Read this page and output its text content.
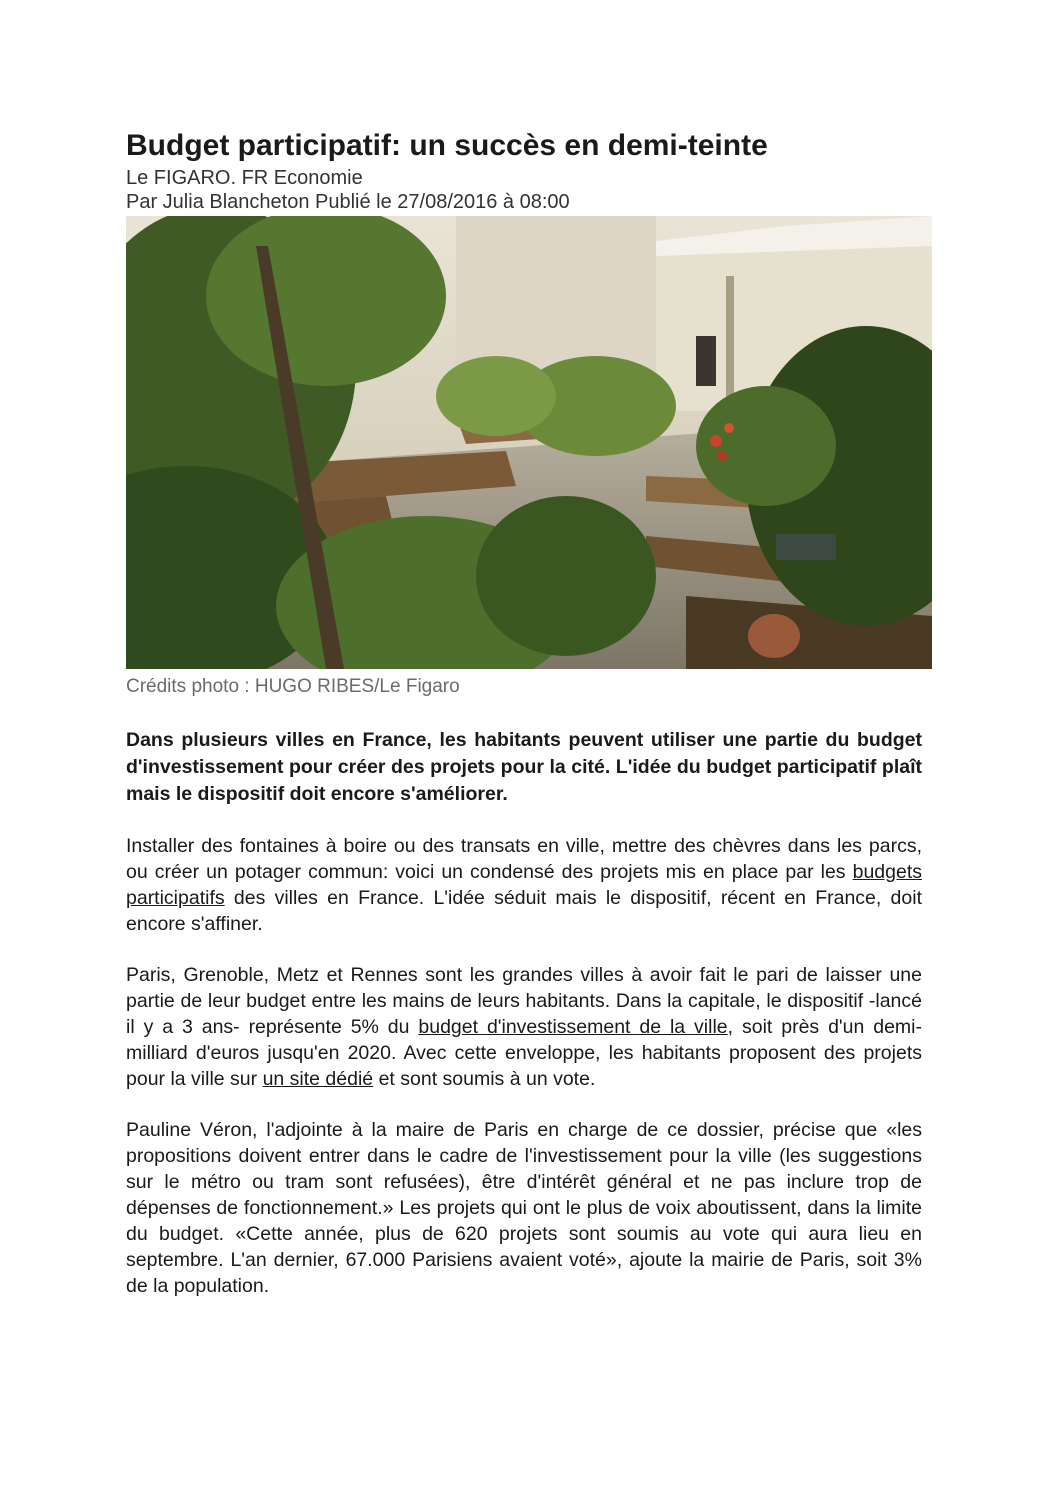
Budget participatif: un succès en demi-teinte
Le FIGARO. FR Economie
Par Julia Blancheton Publié le 27/08/2016 à 08:00
Crédits photo : HUGO RIBES/Le Figaro

Dans plusieurs villes en France, les habitants peuvent utiliser une partie du budget d'investissement pour créer des projets pour la cité. L'idée du budget participatif plaît mais le dispositif doit encore s'améliorer.

Installer des fontaines à boire ou des transats en ville, mettre des chèvres dans les parcs, ou créer un potager commun: voici un condensé des projets mis en place par les budgets participatifs des villes en France. L'idée séduit mais le dispositif, récent en France, doit encore s'affiner.

Paris, Grenoble, Metz et Rennes sont les grandes villes à avoir fait le pari de laisser une partie de leur budget entre les mains de leurs habitants. Dans la capitale, le dispositif -lancé il y a 3 ans- représente 5% du budget d'investissement de la ville, soit près d'un demi-milliard d'euros jusqu'en 2020. Avec cette enveloppe, les habitants proposent des projets pour la ville sur un site dédié et sont soumis à un vote.

Pauline Véron, l'adjointe à la maire de Paris en charge de ce dossier, précise que «les propositions doivent entrer dans le cadre de l'investissement pour la ville (les suggestions sur le métro ou tram sont refusées), être d'intérêt général et ne pas inclure trop de dépenses de fonctionnement.» Les projets qui ont le plus de voix aboutissent, dans la limite du budget. «Cette année, plus de 620 projets sont soumis au vote qui aura lieu en septembre. L'an dernier, 67.000 Parisiens avaient voté», ajoute la mairie de Paris, soit 3% de la population.
